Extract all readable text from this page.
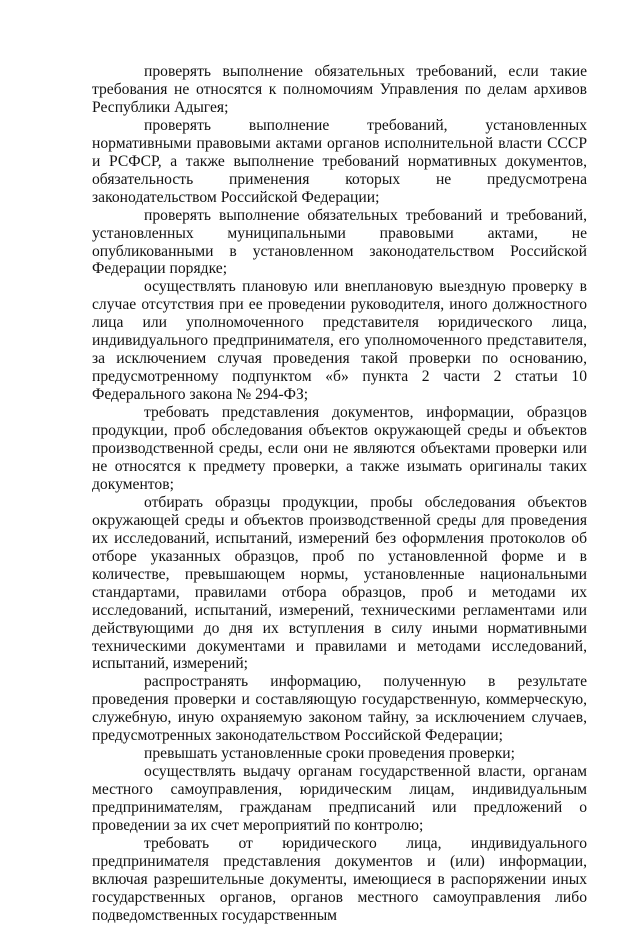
проверять выполнение обязательных требований, если такие требования не относятся к полномочиям Управления по делам архивов Республики Адыгея;

проверять выполнение требований, установленных нормативными правовыми актами органов исполнительной власти СССР и РСФСР, а также выполнение требований нормативных документов, обязательность применения которых не предусмотрена законодательством Российской Федерации;

проверять выполнение обязательных требований и требований, установленных муниципальными правовыми актами, не опубликованными в установленном законодательством Российской Федерации порядке;

осуществлять плановую или внеплановую выездную проверку в случае отсутствия при ее проведении руководителя, иного должностного лица или уполномоченного представителя юридического лица, индивидуального предпринимателя, его уполномоченного представителя, за исключением случая проведения такой проверки по основанию, предусмотренному подпунктом «б» пункта 2 части 2 статьи 10 Федерального закона № 294-ФЗ;

требовать представления документов, информации, образцов продукции, проб обследования объектов окружающей среды и объектов производственной среды, если они не являются объектами проверки или не относятся к предмету проверки, а также изымать оригиналы таких документов;

отбирать образцы продукции, пробы обследования объектов окружающей среды и объектов производственной среды для проведения их исследований, испытаний, измерений без оформления протоколов об отборе указанных образцов, проб по установленной форме и в количестве, превышающем нормы, установленные национальными стандартами, правилами отбора образцов, проб и методами их исследований, испытаний, измерений, техническими регламентами или действующими до дня их вступления в силу иными нормативными техническими документами и правилами и методами исследований, испытаний, измерений;

распространять информацию, полученную в результате проведения проверки и составляющую государственную, коммерческую, служебную, иную охраняемую законом тайну, за исключением случаев, предусмотренных законодательством Российской Федерации;

превышать установленные сроки проведения проверки;

осуществлять выдачу органам государственной власти, органам местного самоуправления, юридическим лицам, индивидуальным предпринимателям, гражданам предписаний или предложений о проведении за их счет мероприятий по контролю;

требовать от юридического лица, индивидуального предпринимателя представления документов и (или) информации, включая разрешительные документы, имеющиеся в распоряжении иных государственных органов, органов местного самоуправления либо подведомственных государственным
